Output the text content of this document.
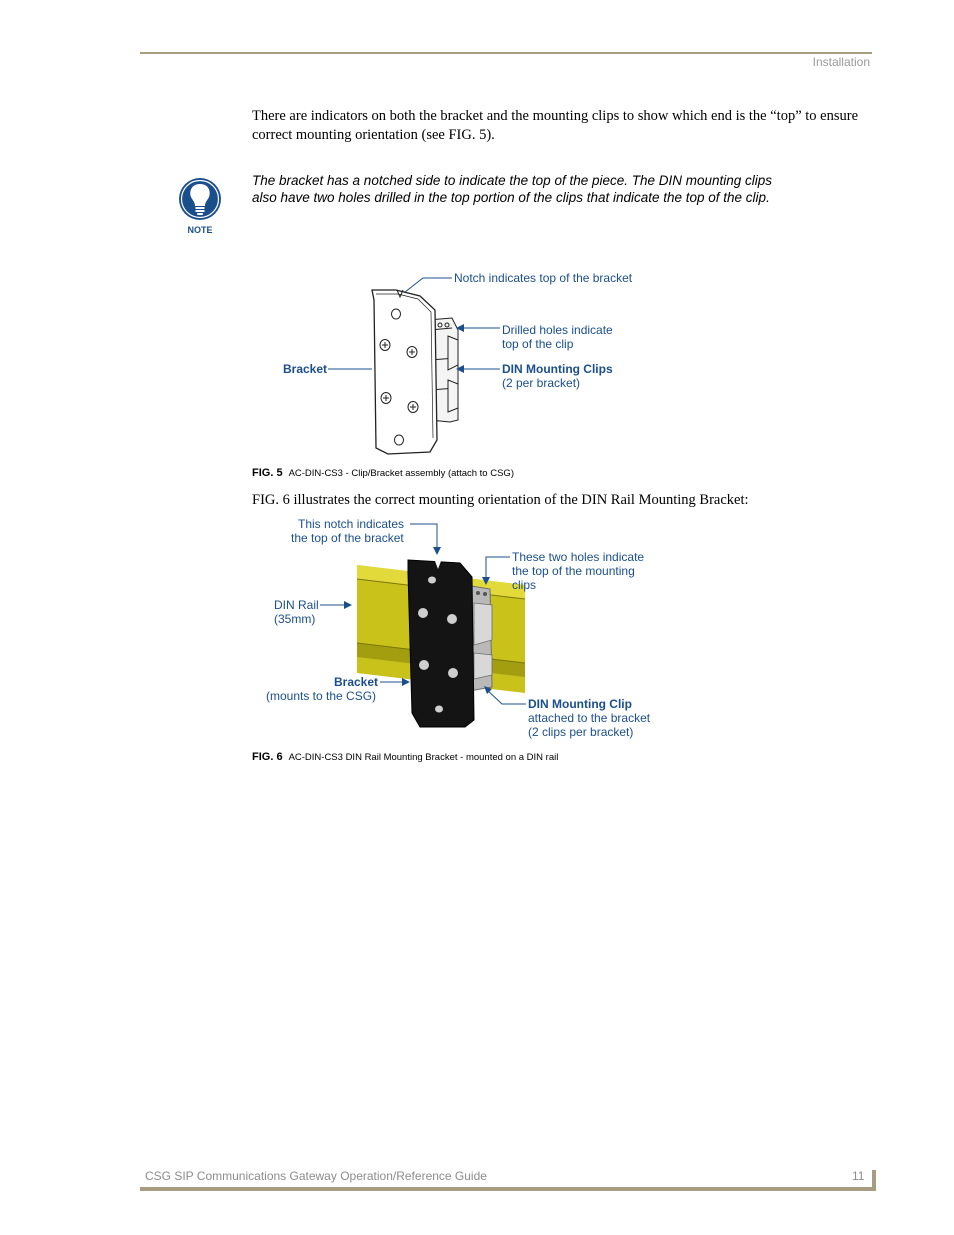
Installation
There are indicators on both the bracket and the mounting clips to show which end is the “top” to ensure correct mounting orientation (see FIG. 5).
NOTE
The bracket has a notched side to indicate the top of the piece. The DIN mounting clips also have two holes drilled in the top portion of the clips that indicate the top of the clip.
Notch indicates top of the bracket
Drilled holes indicate
top of the clip
DIN Mounting Clips
(2 per bracket)
Bracket
FIG. 5 AC-DIN-CS3 - Clip/Bracket assembly (attach to CSG)
FIG. 6 illustrates the correct mounting orientation of the DIN Rail Mounting Bracket:
This notch indicates
the top of the bracket
These two holes indicate
the top of the mounting
clips
DIN Rail
(35mm)
Bracket
(mounts to the CSG)
DIN Mounting Clip
attached to the bracket
(2 clips per bracket)
FIG. 6 AC-DIN-CS3 DIN Rail Mounting Bracket - mounted on a DIN rail
CSG SIP Communications Gateway Operation/Reference Guide	11
